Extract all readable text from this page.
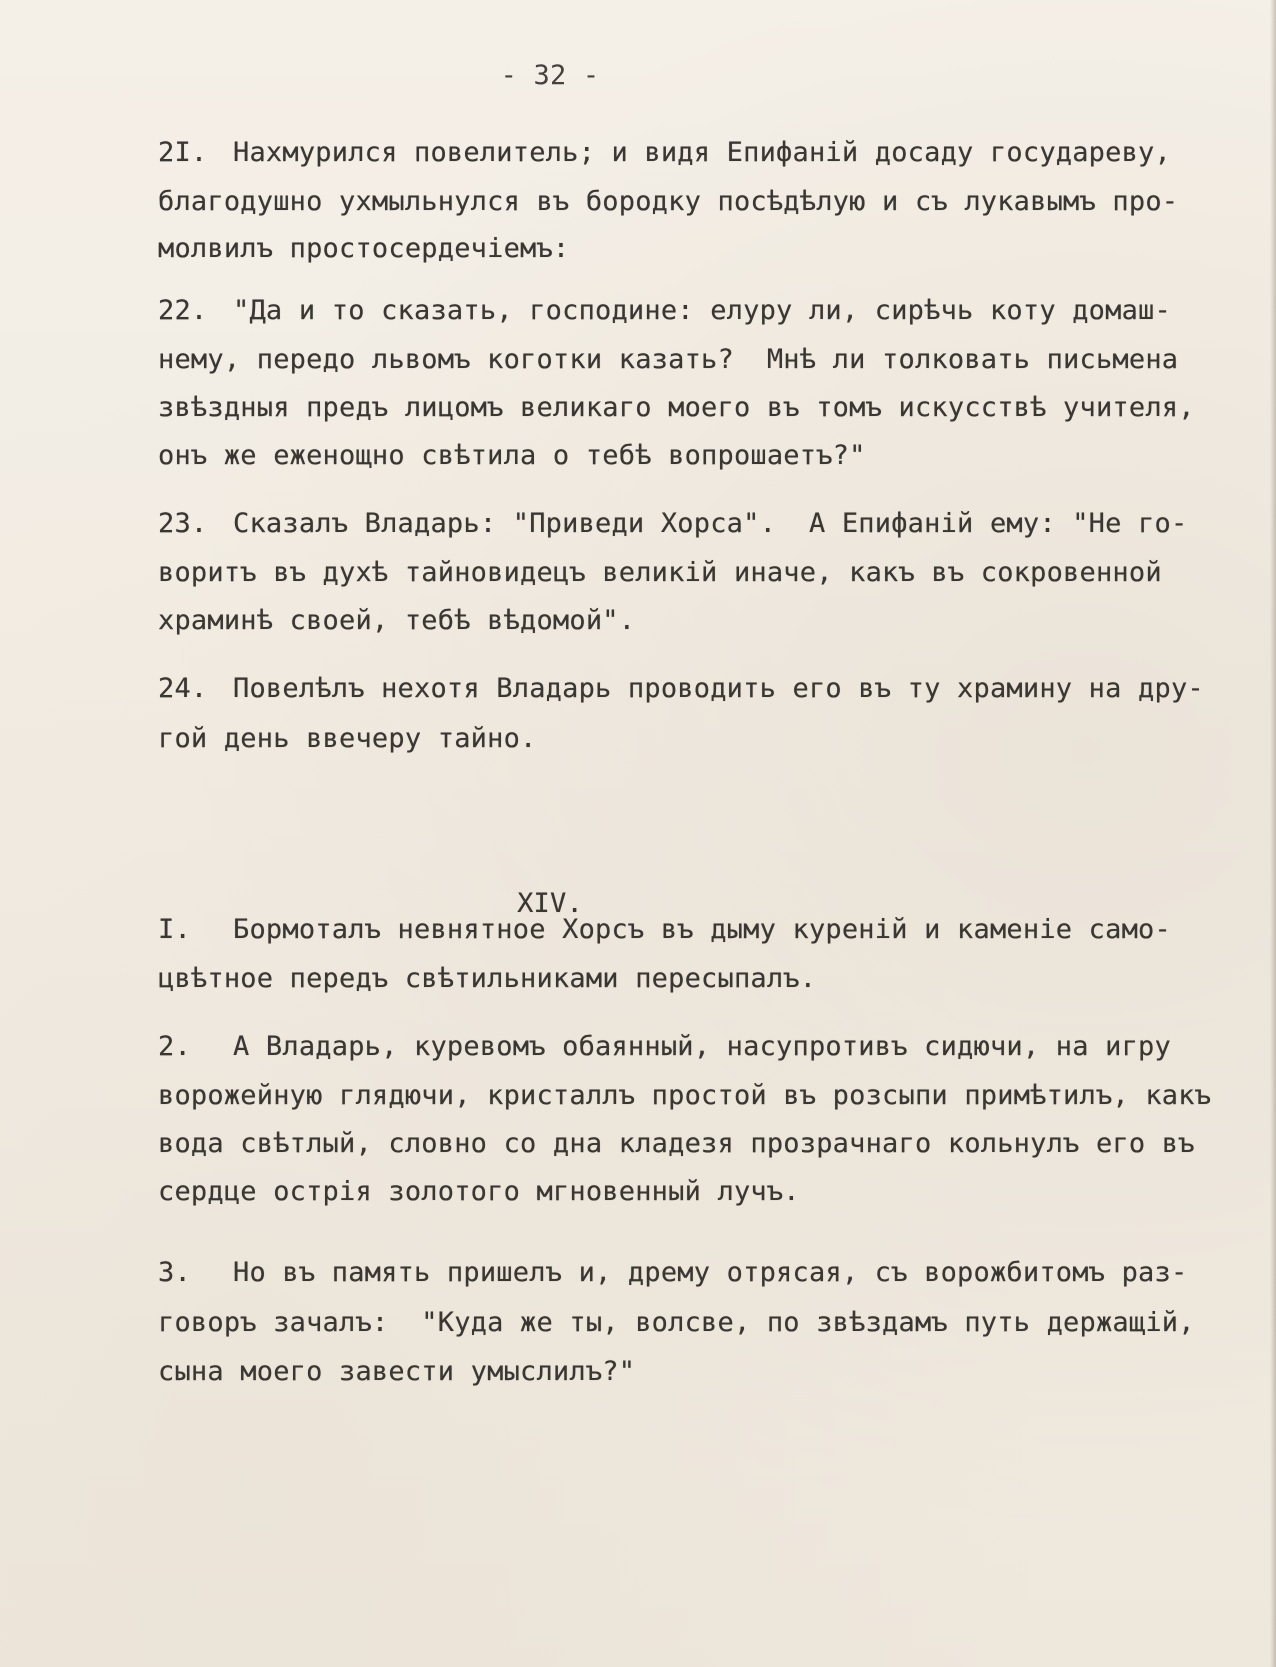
- 32 -
2I. Нахмурился повелитель; и видя Епифаній досаду государеву,
благодушно ухмыльнулся въ бородку посѣдѣлую и съ лукавымъ про-
молвилъ простосердечіемъ:
22. "Да и то сказать, господине: елуру ли, сирѣчь коту домаш-
нему, передо львомъ коготки казать?  Мнѣ ли толковать письмена
звѣздныя предъ лицомъ великаго моего въ томъ искусствѣ учителя,
онъ же еженощно свѣтила о тебѣ вопрошаетъ?"
23. Сказалъ Владарь: "Приведи Хорса".  А Епифаній ему: "Не го-
воритъ въ духѣ тайновидецъ великій иначе, какъ въ сокровенной
храминѣ своей, тебѣ вѣдомой".
24. Повелѣлъ нехотя Владарь проводить его въ ту храмину на дру-
гой день ввечеру тайно.
XIV.
I. Бормоталъ невнятное Хорсъ въ дыму куреній и каменіе само-
цвѣтное передъ свѣтильниками пересыпалъ.
2. А Владарь, куревомъ обаянный, насупротивъ сидючи, на игру
ворожейную глядючи, кристаллъ простой въ розсыпи примѣтилъ, какъ
вода свѣтлый, словно со дна кладезя прозрачнаго кольнулъ его въ
сердце острія золотого мгновенный лучъ.
3. Но въ память пришелъ и, дрему отрясая, съ ворожбитомъ раз-
говоръ зачалъ:  "Куда же ты, волсве, по звѣздамъ путь держащій,
сына моего завести умыслилъ?"
